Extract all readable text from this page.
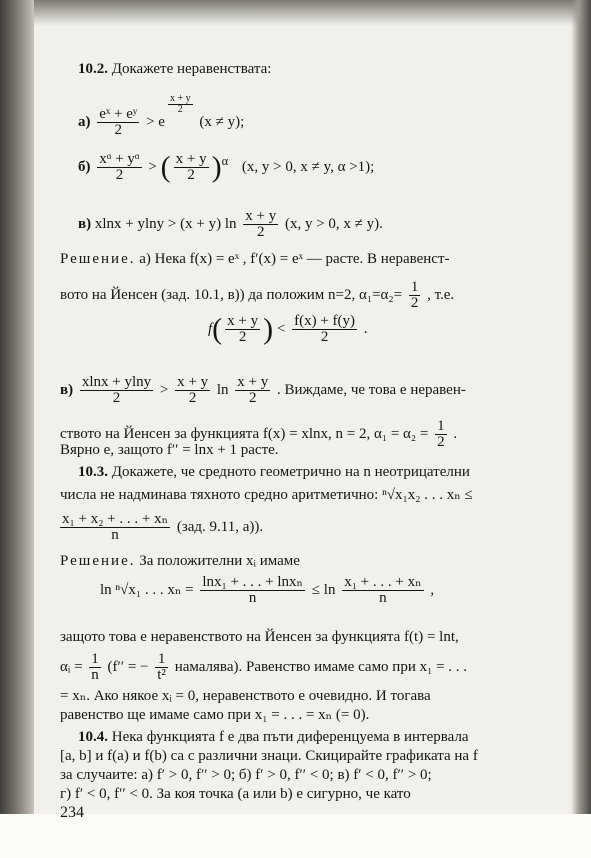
10.2. Докажете неравенствата:
$а) \frac{\text{eˣ + eʸ}}{2} > e$
$\frac{x + y}{2}$
(x ≠ y);
$б) \frac{\text{xᵅ + yᵅ}}{2}$ > ( $\frac{x + y}{2} )^\alpha$ (x, y > 0, x ≠ y, α >1);
в) xlnx + ylny > (x + y) $\ln \frac{x + y}{2} (x$, y > 0, x ≠ y).
Решение. а) Нека f(x) = eˣ , f′(x) = eˣ — расте. В неравенст-
вото на Йенсен (зад. 10.1, в)) да положим n=2, $\alpha_1=\alpha_2= \frac{1}{2}$ , т.е.
$f( \frac{x + y}{2}$ ) < $\frac{f(x) + f(y)}{2}$ .
$в) \frac{xlnx + ylny}{2} > \frac{x + y}{2}$ $\ln \frac{x + y}{2}$ . Виждаме, че това е неравен-
ството на Йенсен за функцията f(x) = xlnx, n = 2, $\alpha_1 = \alpha_2 = \frac{1}{2}$ .
Вярно е, защото f′′ = lnx + 1 расте.
10.3. Докажете, че средното геометрично на n неотрицателни
числа не надминава тяхното средно аритметично: ⁿ√x₁x₂ . . . xₙ ≤
$\frac{\text{x₁ + x₂ + . . . + xₙ}}{n} (зад$. 9.11, а)).
Решение. За положителни xᵢ имаме
ln ⁿ√x₁ . . . $x_n = \frac{\text{lnx₁ + . . . + lnxₙ}}{n} \le \ln \frac{\text{x₁ + . . . + xₙ}}{n}$ ,
защото това е неравенството на Йенсен за функцията f(t) = lnt,
αᵢ = $\frac{1}{n} (f''$ = − $\frac{1}{\text{t²}}$ намалява). Равенство имаме само при x₁ = . . .
= xₙ. Ако някое xᵢ = 0, неравенството е очевидно. И тогава
равенство ще имаме само при x₁ = . . . = xₙ (= 0).
10.4. Нека функцията f е два пъти диференцуема в интервала
[a, b] и f(a) и f(b) са с различни знаци. Скицирайте графиката на f
за случаите: а) f′ > 0, f′′ > 0; б) f′ > 0, f′′ < 0; в) f′ < 0, f′′ > 0;
г) f′ < 0, f′′ < 0. За коя точка (a или b) е сигурно, че като
234
